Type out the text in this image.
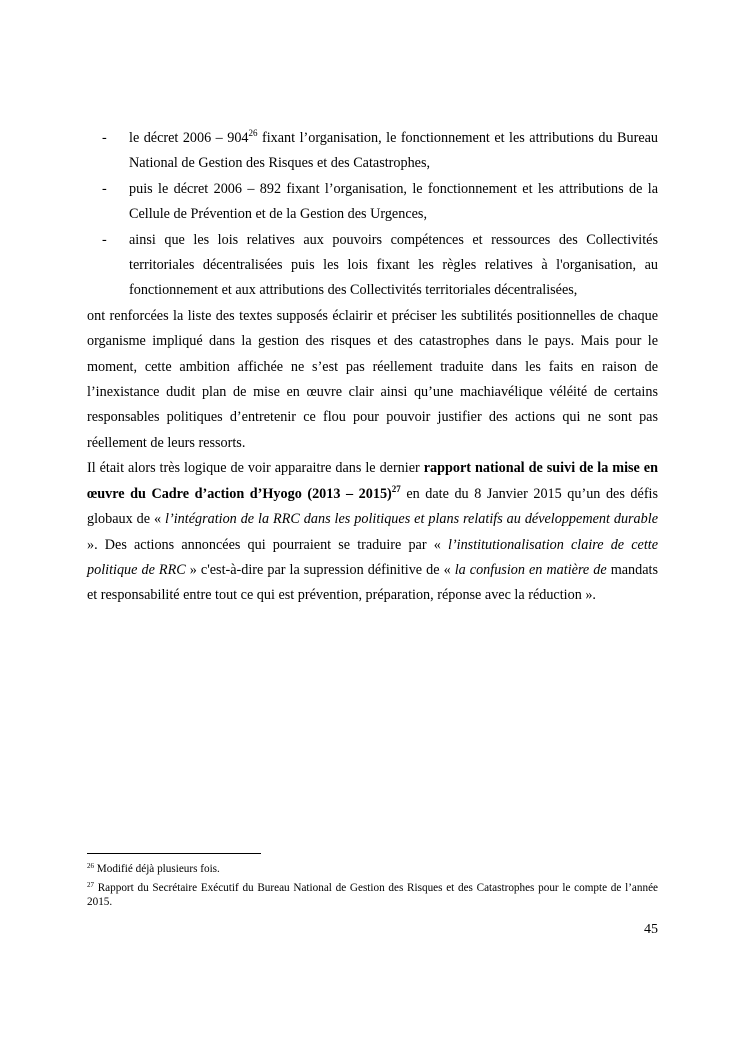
- le décret $2006 - 904^{26}$ fixant l’organisation, le fonctionnement et les attributions du Bureau National de Gestion des Risques et des Catastrophes,
- puis le décret 2006 – 892 fixant l’organisation, le fonctionnement et les attributions de la Cellule de Prévention et de la Gestion des Urgences,
- ainsi que les lois relatives aux pouvoirs compétences et ressources des Collectivités territoriales décentralisées puis les lois fixant les règles relatives à l'organisation, au fonctionnement et aux attributions des Collectivités territoriales décentralisées,
ont renforcées la liste des textes supposés éclairir et préciser les subtilités positionnelles de chaque organisme impliqué dans la gestion des risques et des catastrophes dans le pays. Mais pour le moment, cette ambition affichée ne s’est pas réellement traduite dans les faits en raison de l’inexistance dudit plan de mise en œuvre clair ainsi qu’une machiavélique véléité de certains responsables politiques d’entretenir ce flou pour pouvoir justifier des actions qui ne sont pas réellement de leurs ressorts.
Il était alors très logique de voir apparaitre dans le dernier rapport national de suivi de la mise en œuvre du Cadre d’action d’Hyogo (2013 – 2015)$^{27}$ en date du 8 Janvier 2015 qu’un des défis globaux de « l’intégration de la RRC dans les politiques et plans relatifs au développement durable ». Des actions annoncées qui pourraient se traduire par « l’institutionalisation claire de cette politique de RRC » c'est-à-dire par la supression définitive de « la confusion en matière de mandats et responsabilité entre tout ce qui est prévention, préparation, réponse avec la réduction ».
$^{26}$ Modifié déjà plusieurs fois.
$^{27}$ Rapport du Secrétaire Exécutif du Bureau National de Gestion des Risques et des Catastrophes pour le compte de l’année 2015.
45
